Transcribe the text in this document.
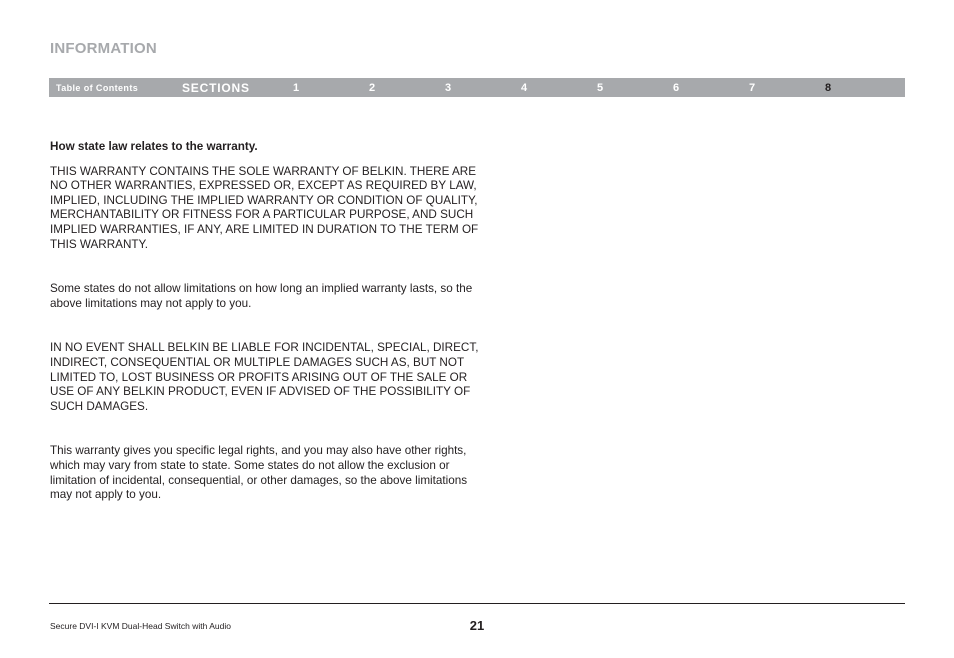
INFORMATION
Table of Contents	SECTIONS	1	2	3	4	5	6	7	8

How state law relates to the warranty.

THIS WARRANTY CONTAINS THE SOLE WARRANTY OF BELKIN. THERE ARE NO OTHER WARRANTIES, EXPRESSED OR, EXCEPT AS REQUIRED BY LAW, IMPLIED, INCLUDING THE IMPLIED WARRANTY OR CONDITION OF QUALITY, MERCHANTABILITY OR FITNESS FOR A PARTICULAR PURPOSE, AND SUCH IMPLIED WARRANTIES, IF ANY, ARE LIMITED IN DURATION TO THE TERM OF THIS WARRANTY.

Some states do not allow limitations on how long an implied warranty lasts, so the above limitations may not apply to you.

IN NO EVENT SHALL BELKIN BE LIABLE FOR INCIDENTAL, SPECIAL, DIRECT, INDIRECT, CONSEQUENTIAL OR MULTIPLE DAMAGES SUCH AS, BUT NOT LIMITED TO, LOST BUSINESS OR PROFITS ARISING OUT OF THE SALE OR USE OF ANY BELKIN PRODUCT, EVEN IF ADVISED OF THE POSSIBILITY OF SUCH DAMAGES.

This warranty gives you specific legal rights, and you may also have other rights, which may vary from state to state. Some states do not allow the exclusion or limitation of incidental, consequential, or other damages, so the above limitations may not apply to you.

Secure DVI-I KVM Dual-Head Switch with Audio	21
